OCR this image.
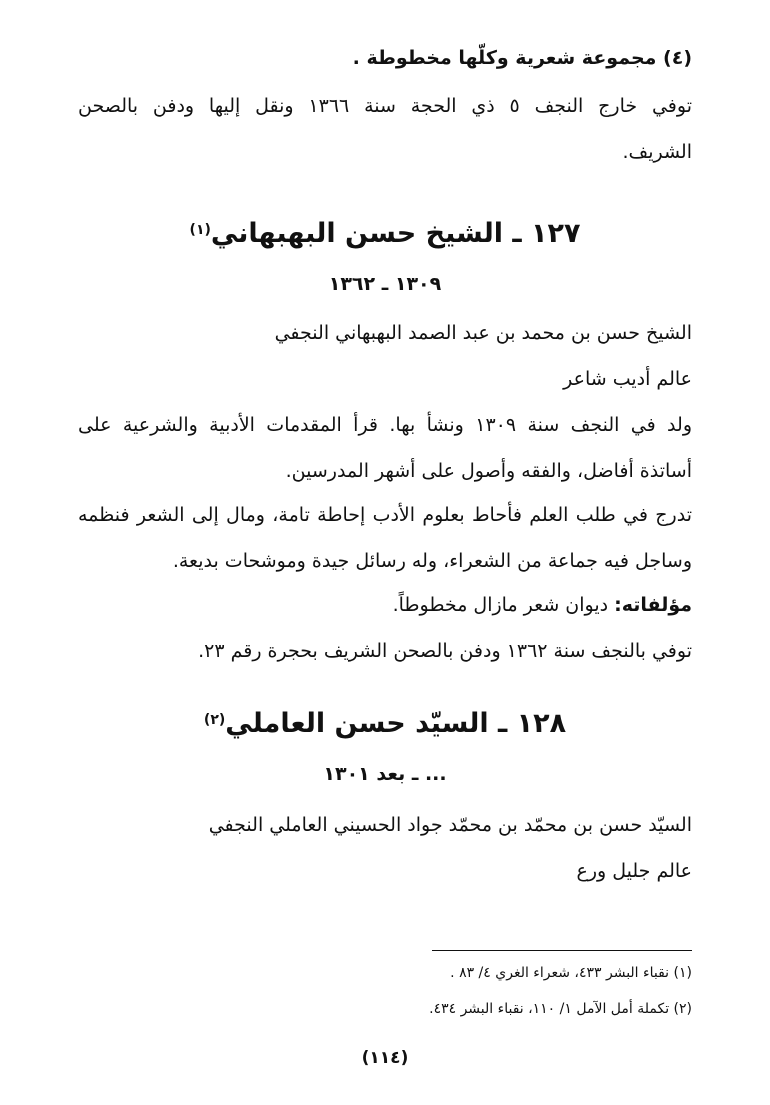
(٤) مجموعة شعرية وكلّها مخطوطة .

توفي خارج النجف ٥ ذي الحجة سنة ١٣٦٦ ونقل إليها ودفن بالصحن

الشريف.

١٢٧ ـ الشيخ حسن البهبهاني$^{(١)}$
١٣٠٩ ـ ١٣٦٢

الشيخ حسن بن محمد بن عبد الصمد البهبهاني النجفي

عالم أديب شاعر

ولد في النجف سنة ١٣٠٩ ونشأ بها. قرأ المقدمات الأدبية والشرعية على

أساتذة أفاضل، والفقه وأصول على أشهر المدرسين.

تدرج في طلب العلم فأحاط بعلوم الأدب إحاطة تامة، ومال إلى الشعر فنظمه

وساجل فيه جماعة من الشعراء، وله رسائل جيدة وموشحات بديعة.

مؤلفاته: ديوان شعر مازال مخطوطاً.

توفي بالنجف سنة ١٣٦٢ ودفن بالصحن الشريف بحجرة رقم ٢٣.

١٢٨ ـ السيّد حسن العاملي$^{(٢)}$
... ـ بعد ١٣٠١

السيّد حسن بن محمّد بن محمّد جواد الحسيني العاملي النجفي

عالم جليل ورع

(١) نقباء البشر ٤٣٣، شعراء الغري ٤/ ٨٣ .

(٢) تكملة أمل الآمل ١/ ١١٠، نقباء البشر ٤٣٤.

(١١٤)
